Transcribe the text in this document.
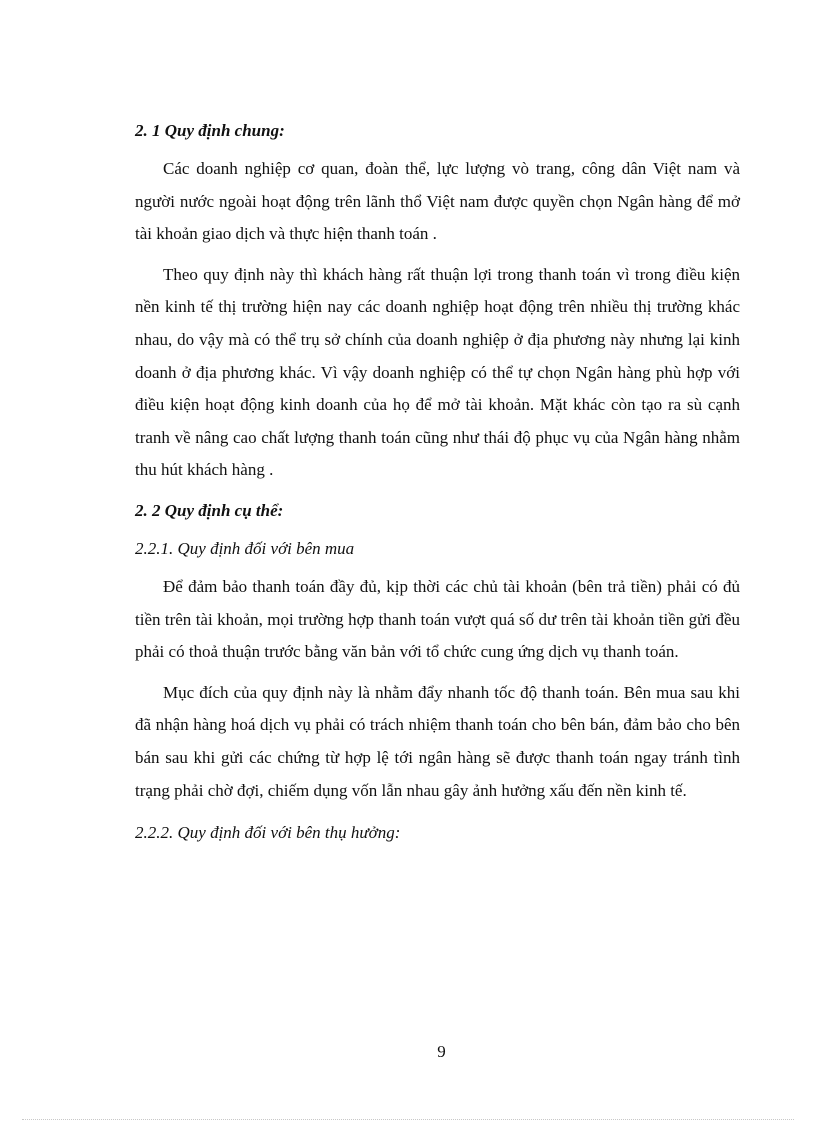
2. 1 Quy định chung:

Các doanh nghiệp cơ quan, đoàn thể, lực lượng vò trang, công dân Việt nam và người nước ngoài hoạt động trên lãnh thổ Việt nam được quyền chọn Ngân hàng để mở tài khoản giao dịch và thực hiện thanh toán .

Theo quy định này thì khách hàng rất thuận lợi trong thanh toán vì trong điều kiện nền kinh tế thị trường hiện nay các doanh nghiệp hoạt động trên nhiều thị trường khác nhau, do vậy mà có thể trụ sở chính của doanh nghiệp ở địa phương này nhưng lại kinh doanh ở địa phương khác. Vì vậy doanh nghiệp có thể tự chọn Ngân hàng phù hợp với điều kiện hoạt động kinh doanh của họ để mở tài khoản. Mặt khác còn tạo ra sù cạnh tranh về nâng cao chất lượng thanh toán cũng như thái độ phục vụ của Ngân hàng nhằm thu hút khách hàng .

2. 2 Quy định cụ thể:

2.2.1. Quy định đối với bên mua

Để đảm bảo thanh toán đầy đủ, kịp thời các chủ tài khoản (bên trả tiền) phải có đủ tiền trên tài khoản, mọi trường hợp thanh toán vượt quá số dư trên tài khoản tiền gửi đều phải có thoả thuận trước bằng văn bản với tổ chức cung ứng dịch vụ thanh toán.

Mục đích của quy định này là nhằm đẩy nhanh tốc độ thanh toán. Bên mua sau khi đã nhận hàng hoá dịch vụ phải có trách nhiệm thanh toán cho bên bán, đảm bảo cho bên bán sau khi gửi các chứng từ hợp lệ tới ngân hàng sẽ được thanh toán ngay tránh tình trạng phải chờ đợi, chiếm dụng vốn lẫn nhau gây ảnh hưởng xấu đến nền kinh tế.

2.2.2. Quy định đối với bên thụ hưởng:

9
